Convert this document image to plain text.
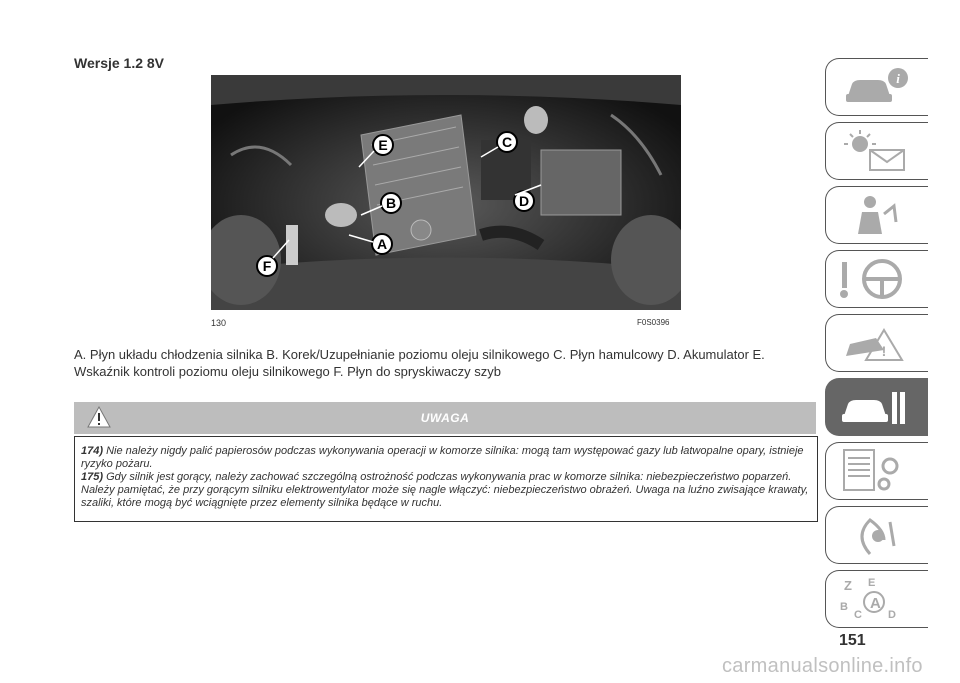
Wersje 1.2 8V
E	C
B	D
A
F
130	F0S0396
A. Płyn układu chłodzenia silnika B. Korek/Uzupełnianie poziomu oleju silnikowego C. Płyn hamulcowy D. Akumulator E. Wskaźnik kontroli poziomu oleju silnikowego F. Płyn do spryskiwaczy szyb
UWAGA

174) Nie należy nigdy palić papierosów podczas wykonywania operacji w komorze silnika: mogą tam występować gazy lub łatwopalne opary, istnieje ryzyko pożaru.

175) Gdy silnik jest gorący, należy zachować szczególną ostrożność podczas wykonywania prac w komorze silnika: niebezpieczeństwo poparzeń. Należy pamiętać, że przy gorącym silniku elektrowentylator może się nagle włączyć: niebezpieczeństwo obrażeń. Uwaga na luźno zwisające krawaty, szaliki, które mogą być wciągnięte przez elementy silnika będące w ruchu.

i
!
Z E
B A
C D
151
carmanualsonline.info
